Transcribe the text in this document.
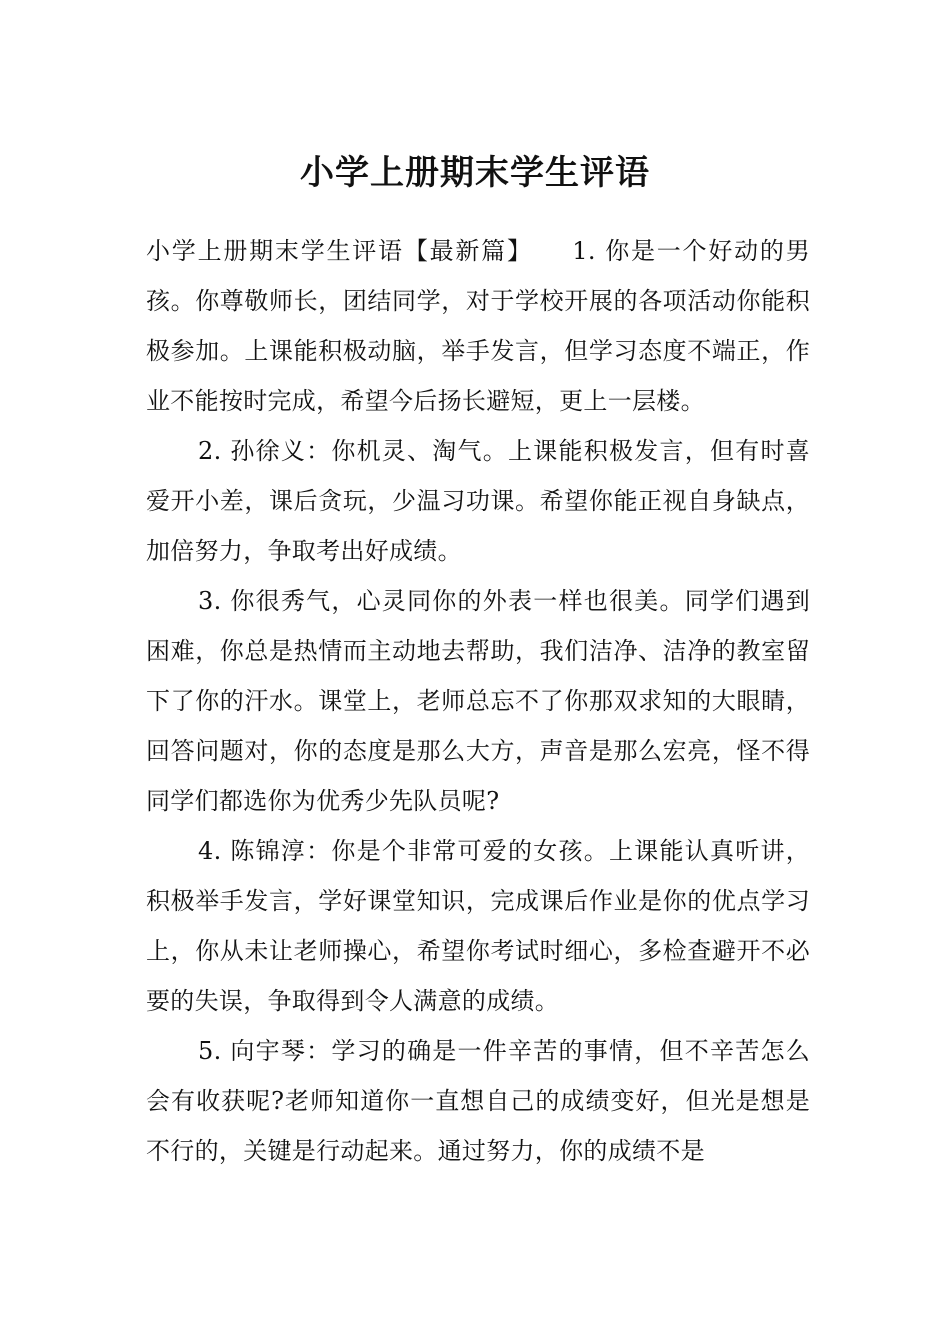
小学上册期末学生评语

小学上册期末学生评语【最新篇】　　1. 你是一个好动的男孩。你尊敬师长，团结同学，对于学校开展的各项活动你能积极参加。上课能积极动脑，举手发言，但学习态度不端正，作业不能按时完成，希望今后扬长避短，更上一层楼。

2. 孙徐义：你机灵、淘气。上课能积极发言，但有时喜爱开小差，课后贪玩，少温习功课。希望你能正视自身缺点，加倍努力，争取考出好成绩。

3. 你很秀气，心灵同你的外表一样也很美。同学们遇到困难，你总是热情而主动地去帮助，我们洁净、洁净的教室留下了你的汗水。课堂上，老师总忘不了你那双求知的大眼睛，回答问题对，你的态度是那么大方，声音是那么宏亮，怪不得同学们都选你为优秀少先队员呢?

4. 陈锦淳：你是个非常可爱的女孩。上课能认真听讲，积极举手发言，学好课堂知识，完成课后作业是你的优点学习上，你从未让老师操心，希望你考试时细心，多检查避开不必要的失误，争取得到令人满意的成绩。

5. 向宇琴：学习的确是一件辛苦的事情，但不辛苦怎么会有收获呢?老师知道你一直想自己的成绩变好，但光是想是不行的，关键是行动起来。通过努力，你的成绩不是
